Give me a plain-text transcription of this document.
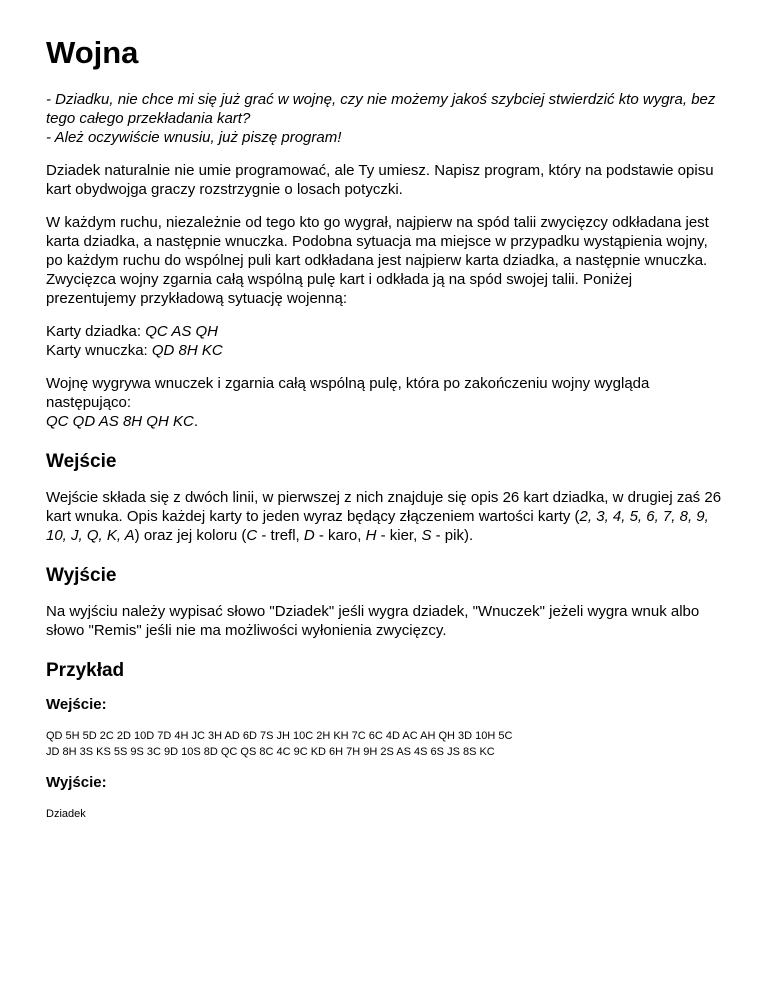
Wojna

- Dziadku, nie chce mi się już grać w wojnę, czy nie możemy jakoś szybciej stwierdzić kto wygra, bez tego całego przekładania kart?
- Ależ oczywiście wnusiu, już piszę program!

Dziadek naturalnie nie umie programować, ale Ty umiesz. Napisz program, który na podstawie opisu kart obydwojga graczy rozstrzygnie o losach potyczki.

W każdym ruchu, niezależnie od tego kto go wygrał, najpierw na spód talii zwycięzcy odkładana jest karta dziadka, a następnie wnuczka. Podobna sytuacja ma miejsce w przypadku wystąpienia wojny, po każdym ruchu do wspólnej puli kart odkładana jest najpierw karta dziadka, a następnie wnuczka. Zwycięzca wojny zgarnia całą wspólną pulę kart i odkłada ją na spód swojej talii. Poniżej prezentujemy przykładową sytuację wojenną:

Karty dziadka: QC AS QH
Karty wnuczka: QD 8H KC

Wojnę wygrywa wnuczek i zgarnia całą wspólną pulę, która po zakończeniu wojny wygląda następująco:
QC QD AS 8H QH KC.

Wejście

Wejście składa się z dwóch linii, w pierwszej z nich znajduje się opis 26 kart dziadka, w drugiej zaś 26 kart wnuka. Opis każdej karty to jeden wyraz będący złączeniem wartości karty (2, 3, 4, 5, 6, 7, 8, 9, 10, J, Q, K, A) oraz jej koloru (C - trefl, D - karo, H - kier, S - pik).

Wyjście

Na wyjściu należy wypisać słowo "Dziadek" jeśli wygra dziadek, "Wnuczek" jeżeli wygra wnuk albo słowo "Remis" jeśli nie ma możliwości wyłonienia zwycięzcy.

Przykład
Wejście:

QD 5H 5D 2C 2D 10D 7D 4H JC 3H AD 6D 7S JH 10C 2H KH 7C 6C 4D AC AH QH 3D 10H 5C

JD 8H 3S KS 5S 9S 3C 9D 10S 8D QC QS 8C 4C 9C KD 6H 7H 9H 2S AS 4S 6S JS 8S KC

Wyjście:

Dziadek
